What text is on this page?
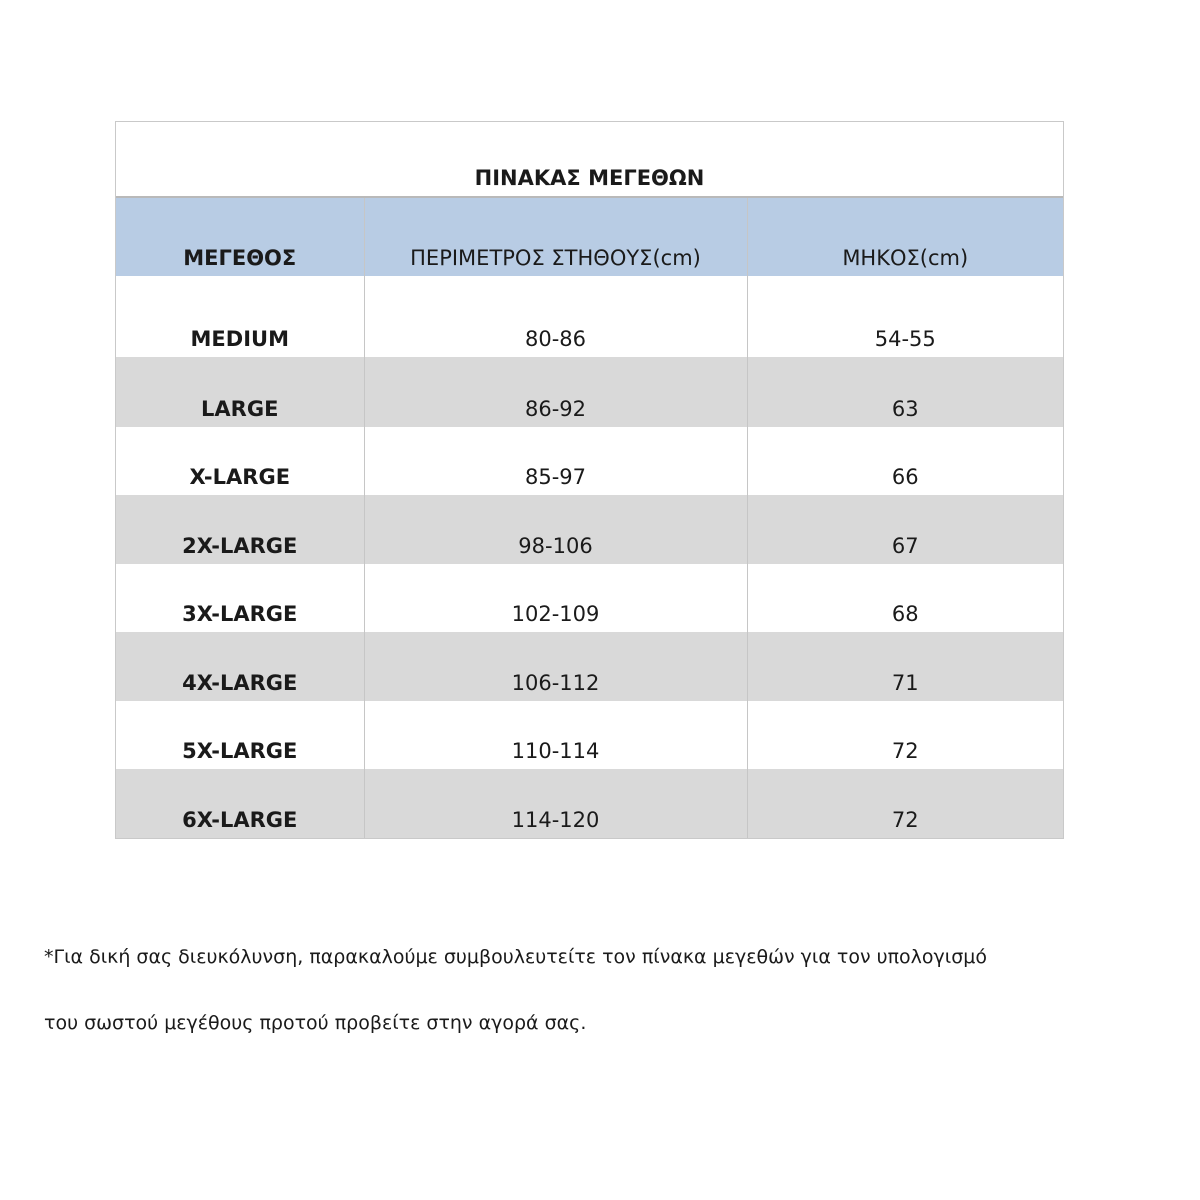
ΠΙΝΑΚΑΣ ΜΕΓΕΘΩΝ		
ΜΕΓΕΘΟΣ	ΠΕΡΙΜΕΤΡΟΣ ΣΤΗΘΟΥΣ(cm)	ΜΗΚΟΣ(cm)
MEDIUM	80-86	54-55
LARGE	86-92	63
X-LARGE	85-97	66
2X-LARGE	98-106	67
3X-LARGE	102-109	68
4X-LARGE	106-112	71
5X-LARGE	110-114	72
6X-LARGE	114-120	72
*Για δική σας διευκόλυνση, παρακαλούμε συμβουλευτείτε τον πίνακα μεγεθών για τον υπολογισμό
του σωστού μεγέθους προτού προβείτε στην αγορά σας.
